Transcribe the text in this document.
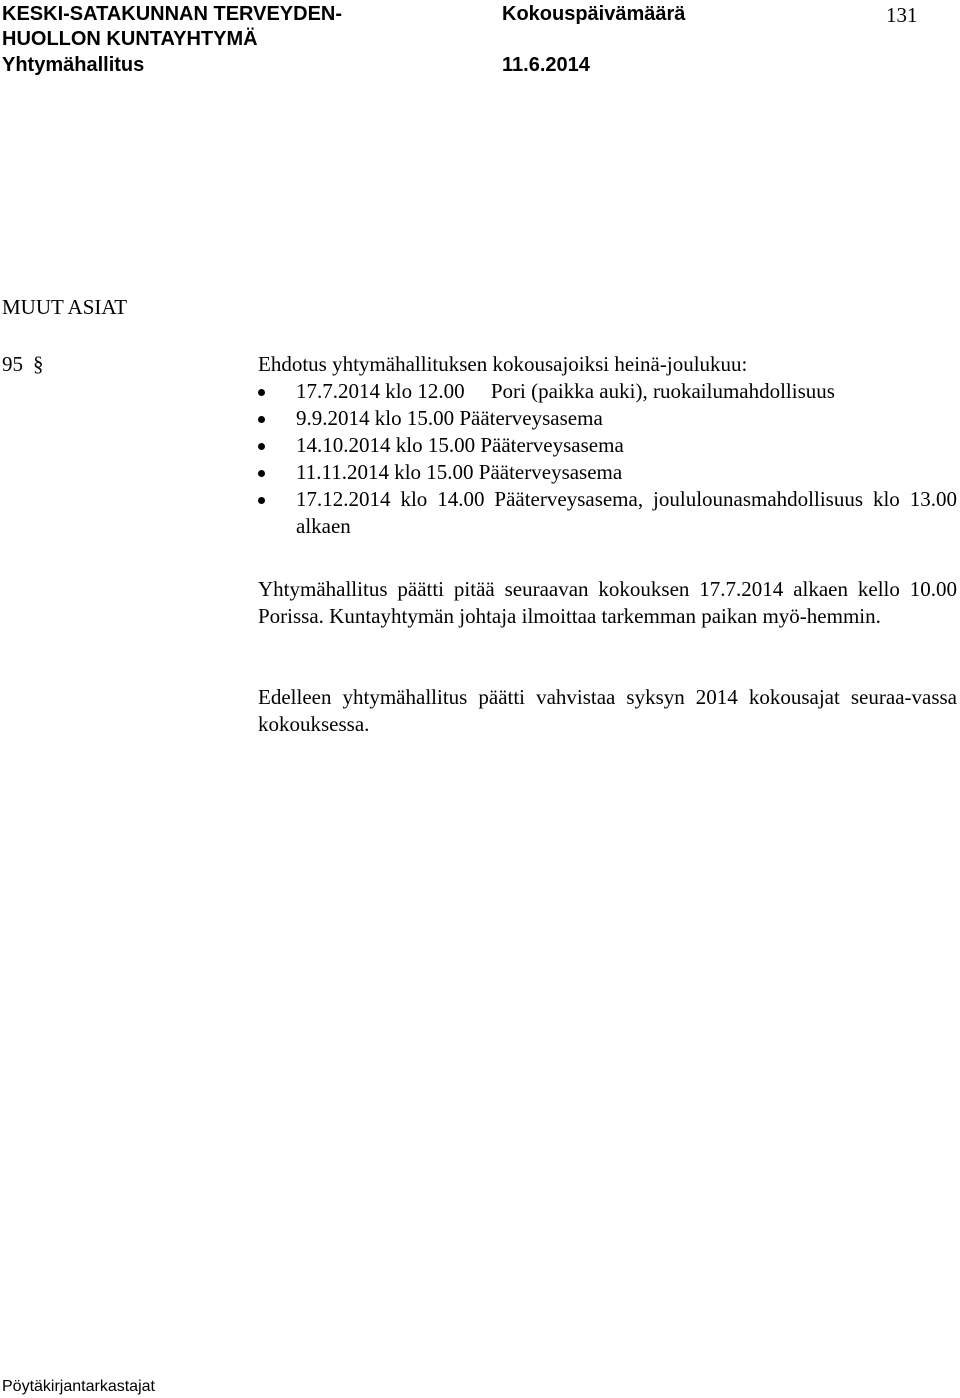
KESKI-SATAKUNNAN TERVEYDEN-
HUOLLON KUNTAYHTYMÄ
Yhtymähallitus
Kokouspäivämäärä
11.6.2014
131
MUUT ASIAT
95 §	Ehdotus yhtymähallituksen kokousajoiksi heinä-joulukuu:
17.7.2014 klo 12.00     Pori (paikka auki), ruokailumahdollisuus
9.9.2014 klo 15.00 Pääterveysasema
14.10.2014 klo 15.00 Pääterveysasema
11.11.2014 klo 15.00 Pääterveysasema
17.12.2014 klo 14.00 Pääterveysasema, joululounasmahdollisuus klo 13.00 alkaen
Yhtymähallitus päätti pitää seuraavan kokouksen 17.7.2014 alkaen kello 10.00 Porissa. Kuntayhtymän johtaja ilmoittaa tarkemman paikan myö-hemmin.
Edelleen yhtymähallitus päätti vahvistaa syksyn 2014 kokousajat seuraa-vassa kokouksessa.
Pöytäkirjantarkastajat
